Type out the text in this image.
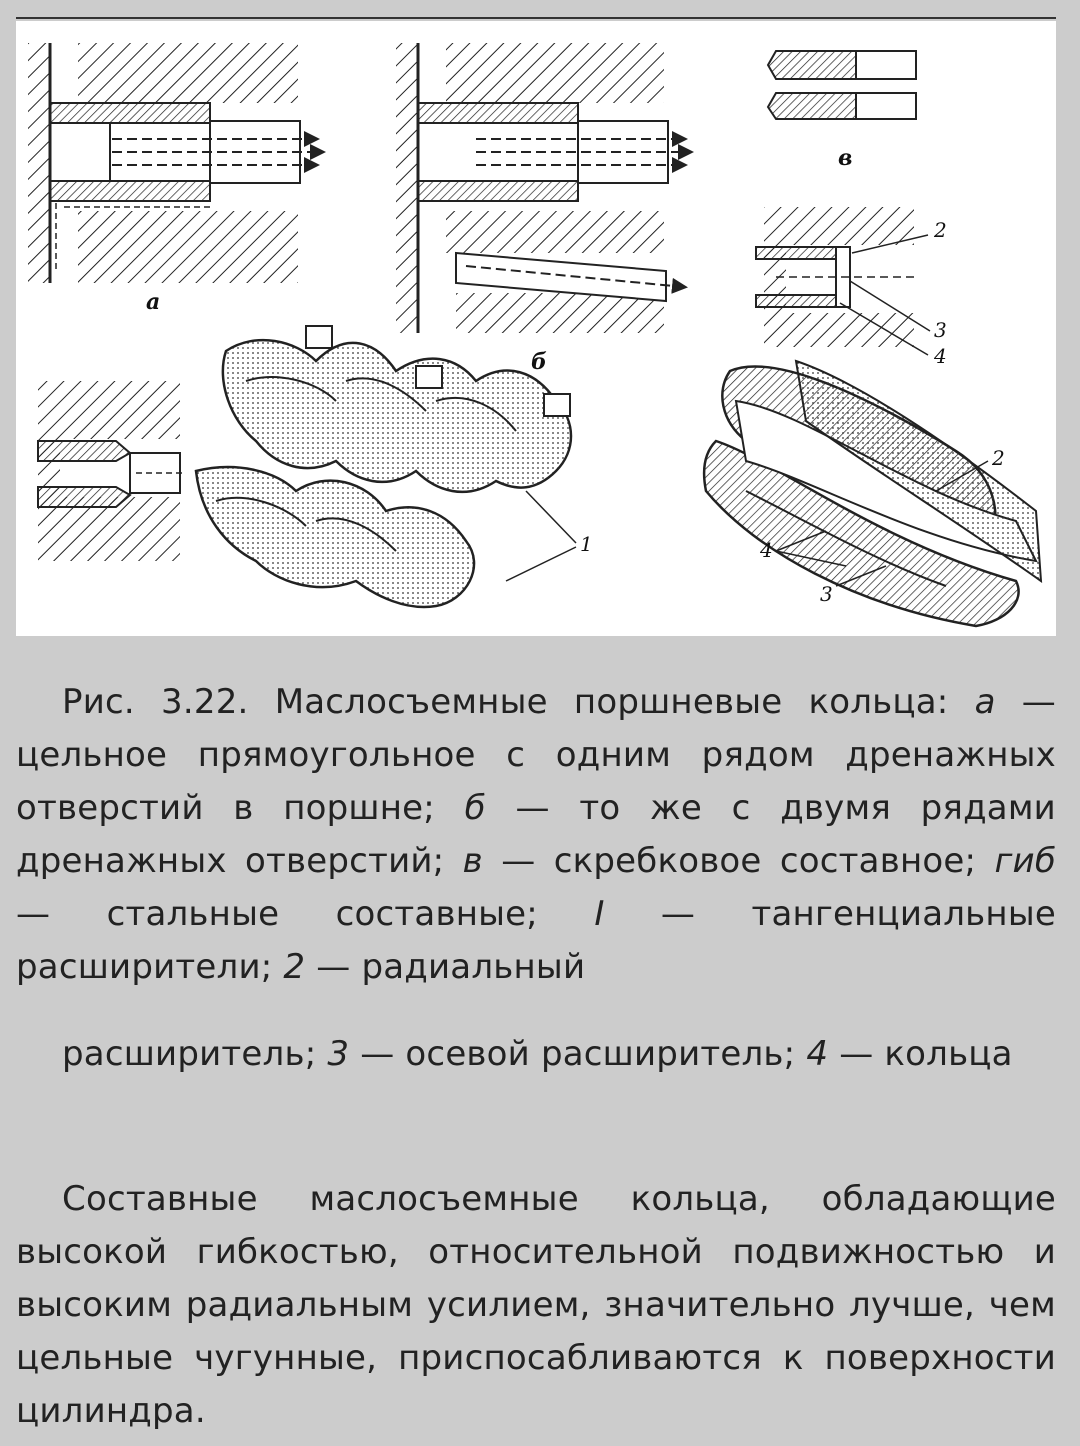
а
б
в
2
3
4
1	4
3
2
Рис. 3.22. Маслосъемные поршневые кольца: а — цельное прямоугольное с одним рядом дренажных отверстий в поршне; б — то же с двумя рядами дренажных отверстий; в — скребковое составное; гиб — стальные составные; I — тангенциальные расширители; 2 — радиальный
расширитель; 3 — осевой расширитель; 4 — кольца
Составные маслосъемные кольца, обладающие высокой гибкостью, относительной подвижностью и высоким радиальным усилием, значительно лучше, чем цельные чугунные, приспосабливаются к поверхности цилиндра.
